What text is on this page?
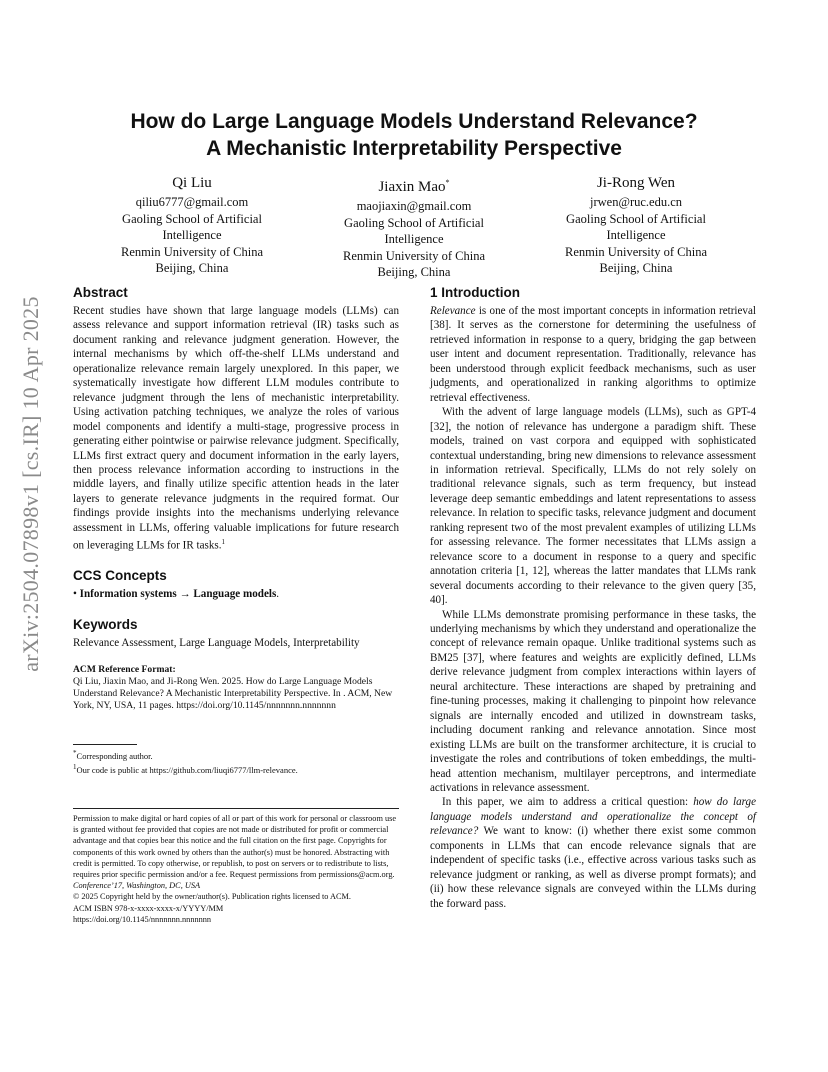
arXiv:2504.07898v1 [cs.IR] 10 Apr 2025
How do Large Language Models Understand Relevance?
A Mechanistic Interpretability Perspective
Qi Liu
qiliu6777@gmail.com
Gaoling School of Artificial
Intelligence
Renmin University of China
Beijing, China
Jiaxin Mao*
maojiaxin@gmail.com
Gaoling School of Artificial
Intelligence
Renmin University of China
Beijing, China
Ji-Rong Wen
jrwen@ruc.edu.cn
Gaoling School of Artificial
Intelligence
Renmin University of China
Beijing, China
Abstract

Recent studies have shown that large language models (LLMs) can assess relevance and support information retrieval (IR) tasks such as document ranking and relevance judgment generation. However, the internal mechanisms by which off-the-shelf LLMs understand and operationalize relevance remain largely unexplored. In this paper, we systematically investigate how different LLM modules contribute to relevance judgment through the lens of mechanistic interpretability. Using activation patching techniques, we analyze the roles of various model components and identify a multi-stage, progressive process in generating either pointwise or pairwise relevance judgment. Specifically, LLMs first extract query and document information in the early layers, then process relevance information according to instructions in the middle layers, and finally utilize specific attention heads in the later layers to generate relevance judgments in the required format. Our findings provide insights into the mechanisms underlying relevance assessment in LLMs, offering valuable implications for future research on leveraging LLMs for IR tasks.$^1$

CCS Concepts

• Information systems → Language models.

Keywords

Relevance Assessment, Large Language Models, Interpretability

ACM Reference Format:

Qi Liu, Jiaxin Mao, and Ji-Rong Wen. 2025. How do Large Language Models Understand Relevance? A Mechanistic Interpretability Perspective. In . ACM, New York, NY, USA, 11 pages. https://doi.org/10.1145/nnnnnnn.nnnnnnn

*Corresponding author.
$^1$Our code is public at https://github.com/liuqi6777/llm-relevance.
Permission to make digital or hard copies of all or part of this work for personal or classroom use is granted without fee provided that copies are not made or distributed for profit or commercial advantage and that copies bear this notice and the full citation on the first page. Copyrights for components of this work owned by others than the author(s) must be honored. Abstracting with credit is permitted. To copy otherwise, or republish, to post on servers or to redistribute to lists, requires prior specific permission and/or a fee. Request permissions from permissions@acm.org.
Conference’17, Washington, DC, USA
© 2025 Copyright held by the owner/author(s). Publication rights licensed to ACM.
ACM ISBN 978-x-xxxx-xxxx-x/YYYY/MM
https://doi.org/10.1145/nnnnnnn.nnnnnnn
1 Introduction

Relevance is one of the most important concepts in information retrieval [38]. It serves as the cornerstone for determining the usefulness of retrieved information in response to a query, bridging the gap between user intent and document representation. Traditionally, relevance has been understood through explicit feedback mechanisms, such as user judgments, and operationalized in ranking algorithms to optimize retrieval effectiveness.

With the advent of large language models (LLMs), such as GPT-4 [32], the notion of relevance has undergone a paradigm shift. These models, trained on vast corpora and equipped with sophisticated contextual understanding, bring new dimensions to relevance assessment in information retrieval. Specifically, LLMs do not rely solely on traditional relevance signals, such as term frequency, but instead leverage deep semantic embeddings and latent representations to assess relevance. In relation to specific tasks, relevance judgment and document ranking represent two of the most prevalent examples of utilizing LLMs for assessing relevance. The former necessitates that LLMs assign a relevance score to a document in response to a query and specific annotation criteria [1, 12], whereas the latter mandates that LLMs rank several documents according to their relevance to the given query [35, 40].

While LLMs demonstrate promising performance in these tasks, the underlying mechanisms by which they understand and operationalize the concept of relevance remain opaque. Unlike traditional systems such as BM25 [37], where features and weights are explicitly defined, LLMs derive relevance judgment from complex interactions within layers of neural architecture. These interactions are shaped by pretraining and fine-tuning processes, making it challenging to pinpoint how relevance signals are internally encoded and utilized in downstream tasks, including document ranking and relevance annotation. Since most existing LLMs are built on the transformer architecture, it is crucial to investigate the roles and contributions of token embeddings, the multi-head attention mechanism, multilayer perceptrons, and intermediate activations in relevance assessment.

In this paper, we aim to address a critical question: how do large language models understand and operationalize the concept of relevance? We want to know: (i) whether there exist some common components in LLMs that can encode relevance signals that are independent of specific tasks (i.e., effective across various tasks such as relevance judgment or ranking, as well as diverse prompt formats); and (ii) how these relevance signals are conveyed within the LLMs during the forward pass.
